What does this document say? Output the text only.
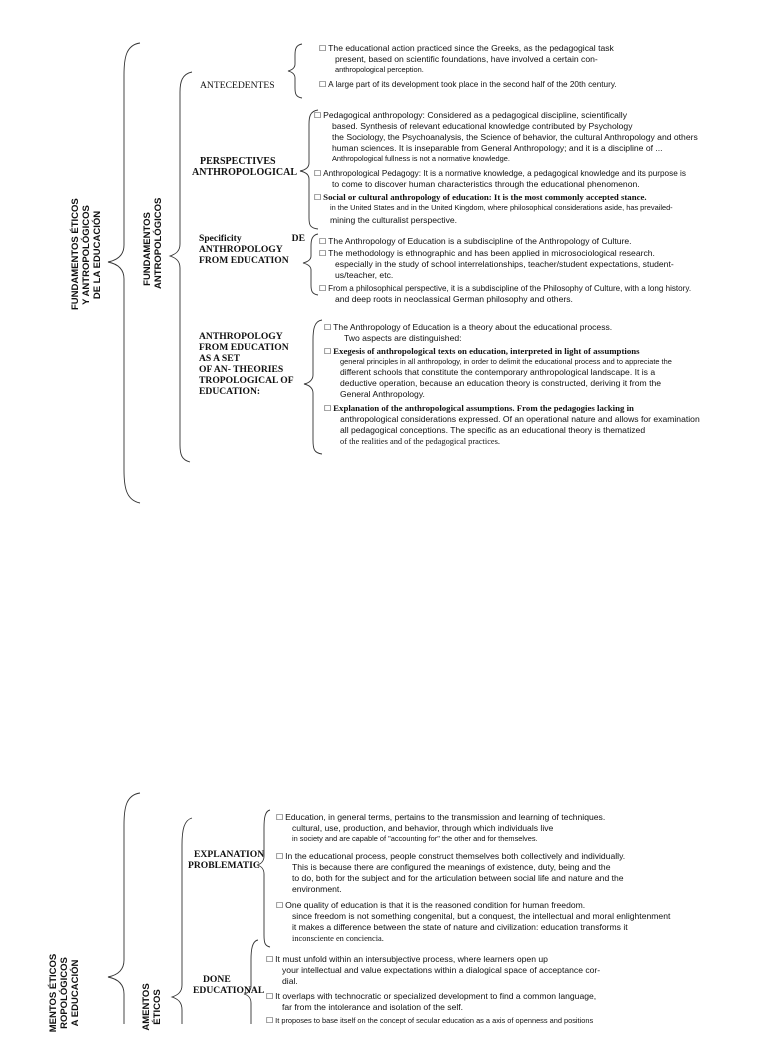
FUNDAMENTOS ÉTICOS Y ANTROPOLÓGICOS DE LA EDUCACIÓN	FUNDAMENTOS ANTROPOLÓGICOS
ANTECEDENTES
☐ The educational action practiced since the Greeks, as the pedagogical task
present, based on scientific foundations, have involved a certain con-
anthropological perception.
☐ A large part of its development took place in the second half of the 20th century.
PERSPECTIVES
ANTHROPOLOGICAL
☐ Pedagogical anthropology: Considered as a pedagogical discipline, scientifically
based. Synthesis of relevant educational knowledge contributed by Psychology
the Sociology, the Psychoanalysis, the Science of behavior, the cultural Anthropology and others
human sciences. It is inseparable from General Anthropology; and it is a discipline of ...
Anthropological fullness is not a normative knowledge.
☐ Anthropological Pedagogy: It is a normative knowledge, a pedagogical knowledge and its purpose is
to come to discover human characteristics through the educational phenomenon.
☐ Social or cultural anthropology of education: It is the most commonly accepted stance.
in the United States and in the United Kingdom, where philosophical considerations aside, has prevailed-
mining the culturalist perspective.
Specificity	DE
ANTHROPOLOGY
FROM EDUCATION
☐ The Anthropology of Education is a subdiscipline of the Anthropology of Culture.
☐ The methodology is ethnographic and has been applied in microsociological research.
especially in the study of school interrelationships, teacher/student expectations, student-
us/teacher, etc.
☐ From a philosophical perspective, it is a subdiscipline of the Philosophy of Culture, with a long history.
and deep roots in neoclassical German philosophy and others.
ANTHROPOLOGY
FROM EDUCATION
AS A SET
OF AN- THEORIES
TROPOLOGICAL OF
EDUCATION:
☐ The Anthropology of Education is a theory about the educational process.
Two aspects are distinguished:
☐ Exegesis of anthropological texts on education, interpreted in light of assumptions
general principles in all anthropology, in order to delimit the educational process and to appreciate the
different schools that constitute the contemporary anthropological landscape. It is a
deductive operation, because an education theory is constructed, deriving it from the
General Anthropology.
☐ Explanation of the anthropological assumptions. From the pedagogies lacking in
anthropological considerations expressed. Of an operational nature and allows for examination
all pedagogical conceptions. The specific as an educational theory is thematized
of the realities and of the pedagogical practices.
MENTOS ÉTICOS ROPOLÓGICOS A EDUCACIÓN	AMENTOS ÉTICOS
EXPLANATION
PROBLEMATIC
☐ Education, in general terms, pertains to the transmission and learning of techniques.
cultural, use, production, and behavior, through which individuals live
in society and are capable of "accounting for" the other and for themselves.
☐ In the educational process, people construct themselves both collectively and individually.
This is because there are configured the meanings of existence, duty, being and the
to do, both for the subject and for the articulation between social life and nature and the
environment.
☐ One quality of education is that it is the reasoned condition for human freedom.
since freedom is not something congenital, but a conquest, the intellectual and moral enlightenment
it makes a difference between the state of nature and civilization: education transforms it
inconsciente en conciencia.
DONE
EDUCATIONAL
☐ It must unfold within an intersubjective process, where learners open up
your intellectual and value expectations within a dialogical space of acceptance cor-
dial.
☐ It overlaps with technocratic or specialized development to find a common language,
far from the intolerance and isolation of the self.
☐ It proposes to base itself on the concept of secular education as a axis of openness and positions
